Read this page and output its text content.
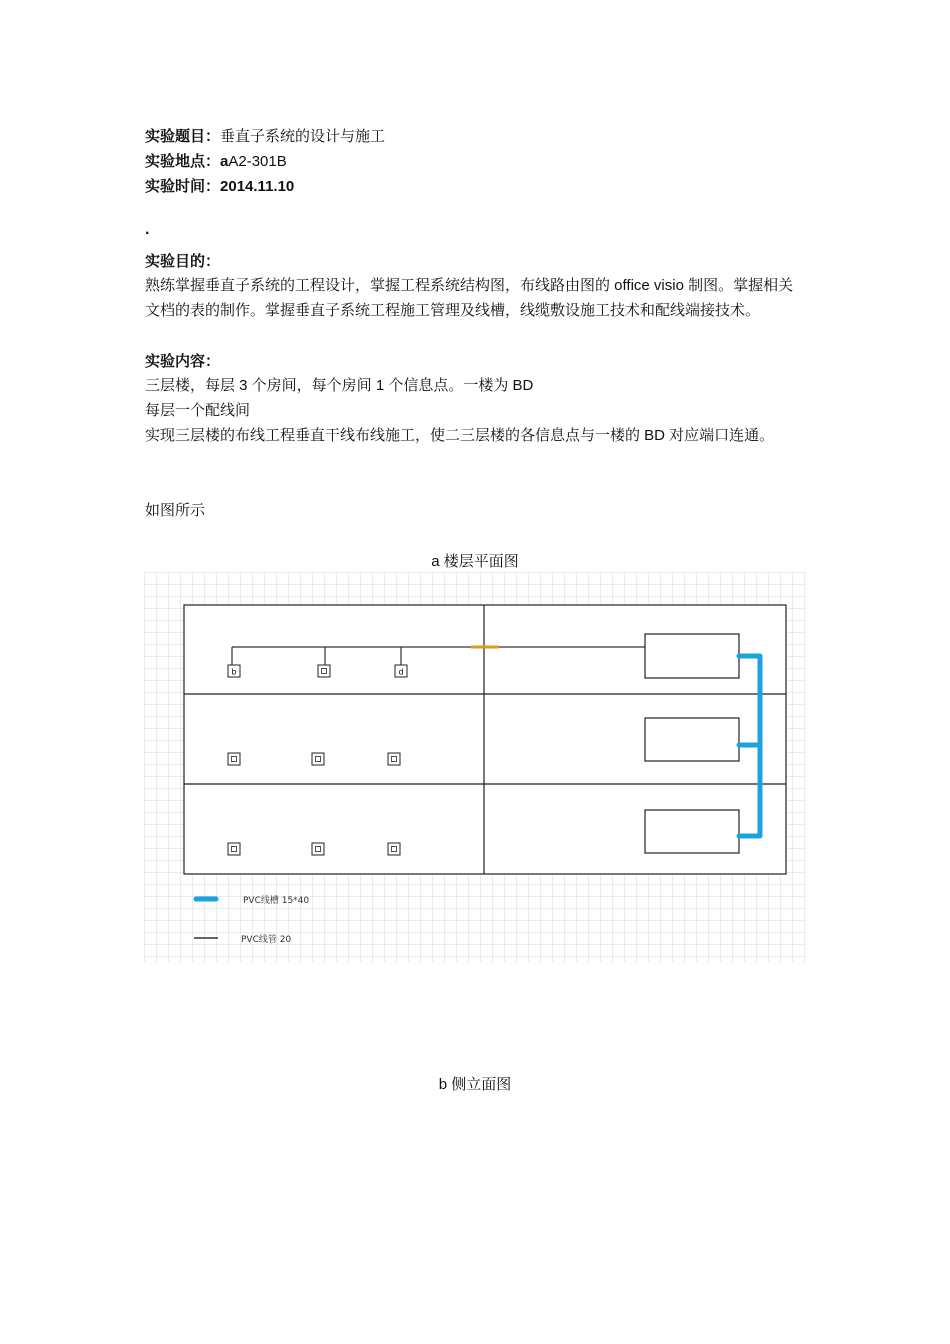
实验题目：垂直子系统的设计与施工
实验地点：aA2-301B
实验时间：2014.11.10
·
实验目的：
熟练掌握垂直子系统的工程设计，掌握工程系统结构图，布线路由图的 office visio 制图。掌握相关文档的表的制作。掌握垂直子系统工程施工管理及线槽，线缆敷设施工技术和配线端接技术。
实验内容：
三层楼，每层 3 个房间，每个房间 1 个信息点。一楼为 BD
每层一个配线间
实现三层楼的布线工程垂直干线布线施工，使二三层楼的各信息点与一楼的 BD 对应端口连通。
如图所示
a 楼层平面图
b	d
PVC线槽 15*40
PVC线管 20
b 侧立面图
